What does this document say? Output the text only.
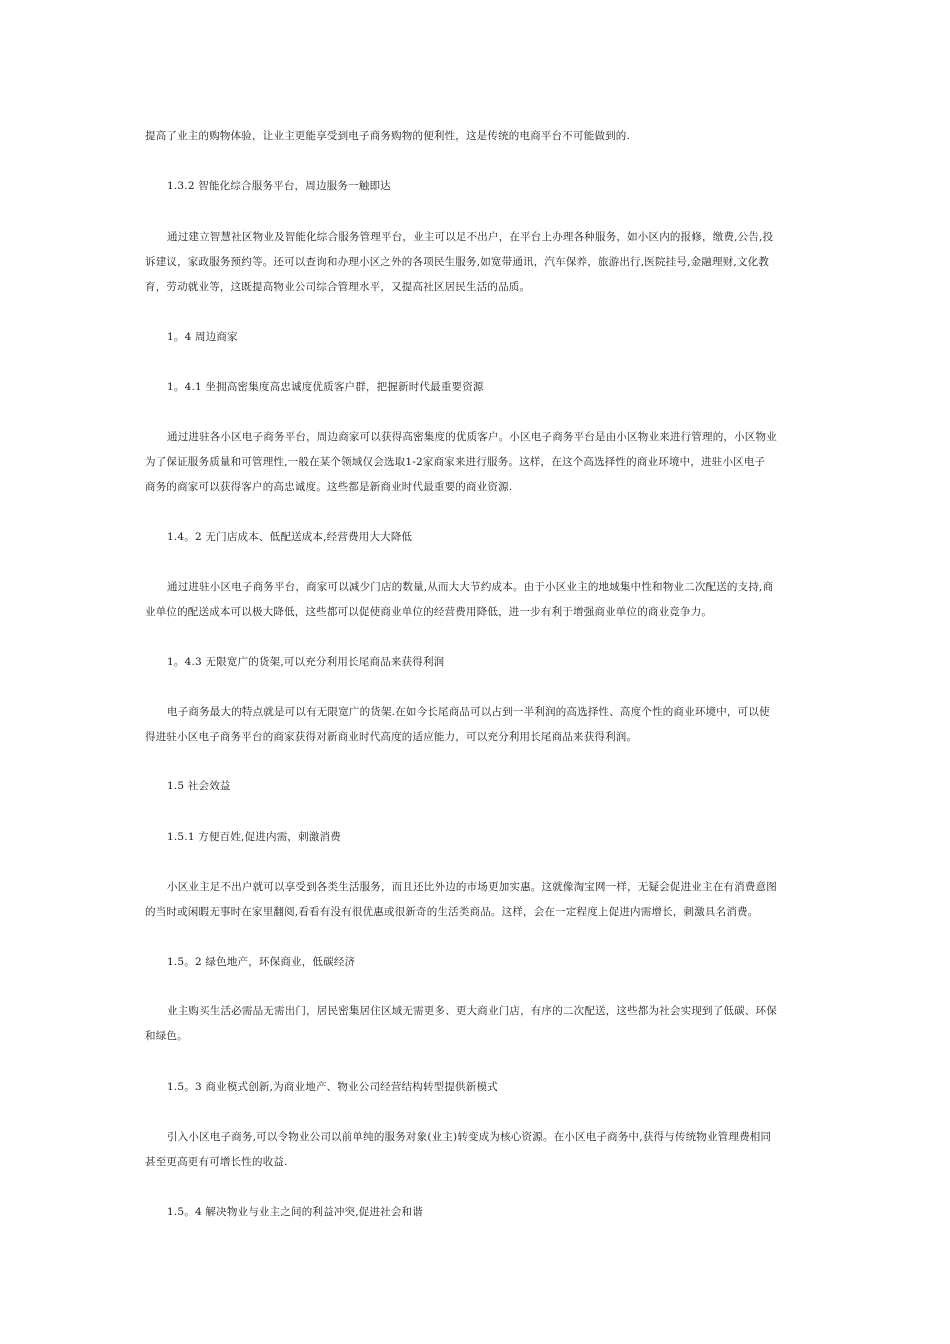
提高了业主的购物体验，让业主更能享受到电子商务购物的便利性，这是传统的电商平台不可能做到的.
1.3.2 智能化综合服务平台，周边服务一触即达
通过建立智慧社区物业及智能化综合服务管理平台，业主可以足不出户，在平台上办理各种服务，如小区内的报修，缴费,公告,投
诉建议，家政服务预约等。还可以查询和办理小区之外的各项民生服务,如宽带通讯，汽车保养，旅游出行,医院挂号,金融理财,文化教
育，劳动就业等，这既提高物业公司综合管理水平，又提高社区居民生活的品质。
1。4 周边商家
1。4.1 坐拥高密集度高忠诚度优质客户群，把握新时代最重要资源
通过进驻各小区电子商务平台，周边商家可以获得高密集度的优质客户。小区电子商务平台是由小区物业来进行管理的，小区物业
为了保证服务质量和可管理性,一般在某个领域仅会选取1-2家商家来进行服务。这样，在这个高选择性的商业环境中，进驻小区电子
商务的商家可以获得客户的高忠诚度。这些都是新商业时代最重要的商业资源.
1.4。2 无门店成本、低配送成本,经营费用大大降低
通过进驻小区电子商务平台，商家可以减少门店的数量,从而大大节约成本。由于小区业主的地域集中性和物业二次配送的支持,商
业单位的配送成本可以极大降低，这些都可以促使商业单位的经营费用降低，进一步有利于增强商业单位的商业竞争力。
1。4.3 无限宽广的货架,可以充分利用长尾商品来获得利润
电子商务最大的特点就是可以有无限宽广的货架.在如今长尾商品可以占到一半利润的高选择性、高度个性的商业环境中，可以使
得进驻小区电子商务平台的商家获得对新商业时代高度的适应能力，可以充分利用长尾商品来获得利润。
1.5 社会效益
1.5.1 方便百姓,促进内需，刺激消费
小区业主足不出户就可以享受到各类生活服务，而且还比外边的市场更加实惠。这就像淘宝网一样，无疑会促进业主在有消费意图
的当时或闲暇无事时在家里翻阅,看看有没有很优惠或很新奇的生活类商品。这样，会在一定程度上促进内需增长，刺激具名消费。
1.5。2 绿色地产，环保商业，低碳经济
业主购买生活必需品无需出门，居民密集居住区域无需更多、更大商业门店，有序的二次配送，这些都为社会实现到了低碳、环保
和绿色。
1.5。3 商业模式创新,为商业地产、物业公司经营结构转型提供新模式
引入小区电子商务,可以令物业公司以前单纯的服务对象(业主)转变成为核心资源。在小区电子商务中,获得与传统物业管理费相同
甚至更高更有可增长性的收益.
1.5。4 解决物业与业主之间的利益冲突,促进社会和谐
